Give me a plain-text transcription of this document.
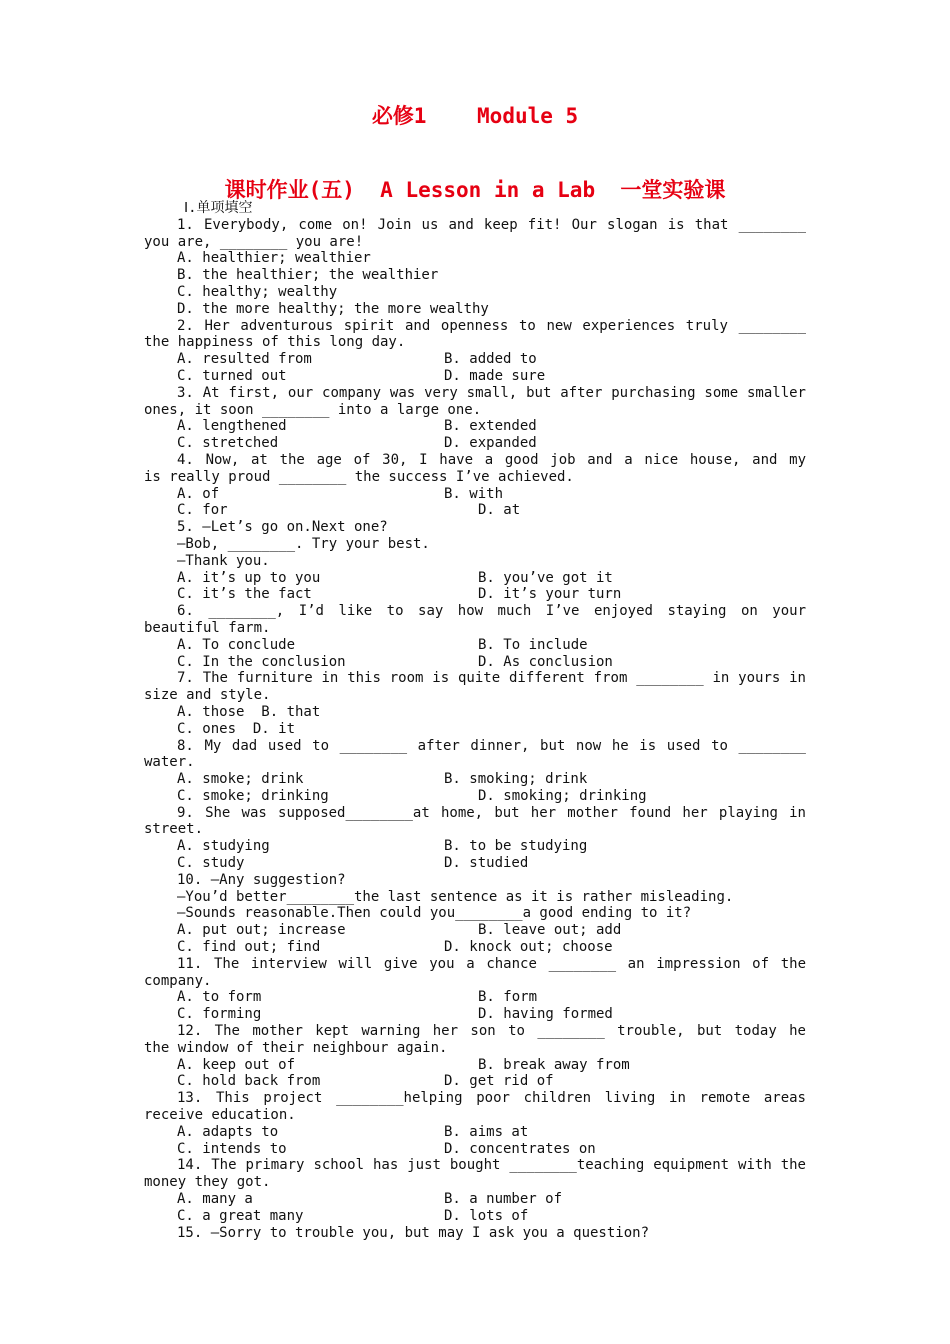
必修1    Module 5
课时作业(五)  A Lesson in a Lab  一堂实验课
Ⅰ.单项填空
1. Everybody, come on! Join us and keep fit! Our slogan is that ________
you are, ________ you are!
A. healthier; wealthier
B. the healthier; the wealthier
C. healthy; wealthy
D. the more healthy; the more wealthy
2. Her adventurous spirit and openness to new experiences truly ________
the happiness of this long day.
A. resulted from	B. added to
C. turned out	D. made sure
3. At first, our company was very small, but after purchasing some smaller
ones, it soon ________ into a large one.
A. lengthened	B. extended
C. stretched	D. expanded
4. Now, at the age of 30, I have a good job and a nice house, and my
is really proud ________ the success I’ve achieved.
A. of	B. with
C. for	D. at
5. —Let’s go on.Next one?
—Bob, ________. Try your best.
—Thank you.
A. it’s up to you	B. you’ve got it
C. it’s the fact	D. it’s your turn
6. ________, I’d like to say how much I’ve enjoyed staying on your
beautiful farm.
A. To conclude	B. To include
C. In the conclusion	D. As conclusion
7. The furniture in this room is quite different from ________ in yours in
size and style.
A. those  B. that
C. ones  D. it
8. My dad used to ________ after dinner, but now he is used to ________
water.
A. smoke; drink	B. smoking; drink
C. smoke; drinking	D. smoking; drinking
9. She was supposed________at home, but her mother found her playing in
street.
A. studying	B. to be studying
C. study	D. studied
10. —Any suggestion?
—You’d better________the last sentence as it is rather misleading.
—Sounds reasonable.Then could you________a good ending to it?
A. put out; increase	B. leave out; add
C. find out; find	D. knock out; choose
11. The interview will give you a chance ________ an impression of the
company.
A. to form	B. form
C. forming	D. having formed
12. The mother kept warning her son to ________ trouble, but today he
the window of their neighbour again.
A. keep out of	B. break away from
C. hold back from	D. get rid of
13. This project ________helping poor children living in remote areas
receive education.
A. adapts to	B. aims at
C. intends to	D. concentrates on
14. The primary school has just bought ________teaching equipment with the
money they got.
A. many a	B. a number of
C. a great many	D. lots of
15. —Sorry to trouble you, but may I ask you a question?
